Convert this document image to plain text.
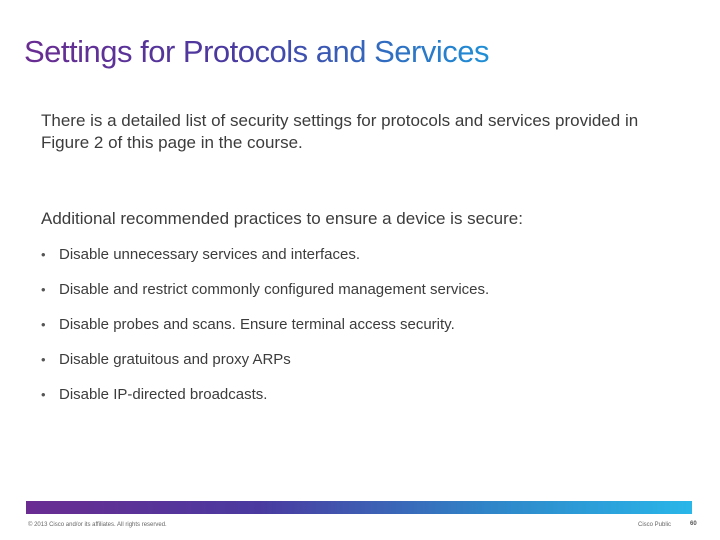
Settings for Protocols and Services

There is a detailed list of security settings for protocols and services provided in Figure 2 of this page in the course.

Additional recommended practices to ensure a device is secure:

• Disable unnecessary services and interfaces.
• Disable and restrict commonly configured management services.
• Disable probes and scans. Ensure terminal access security.
• Disable gratuitous and proxy ARPs
• Disable IP-directed broadcasts.
© 2013 Cisco and/or its affiliates. All rights reserved.	Cisco Public	60
